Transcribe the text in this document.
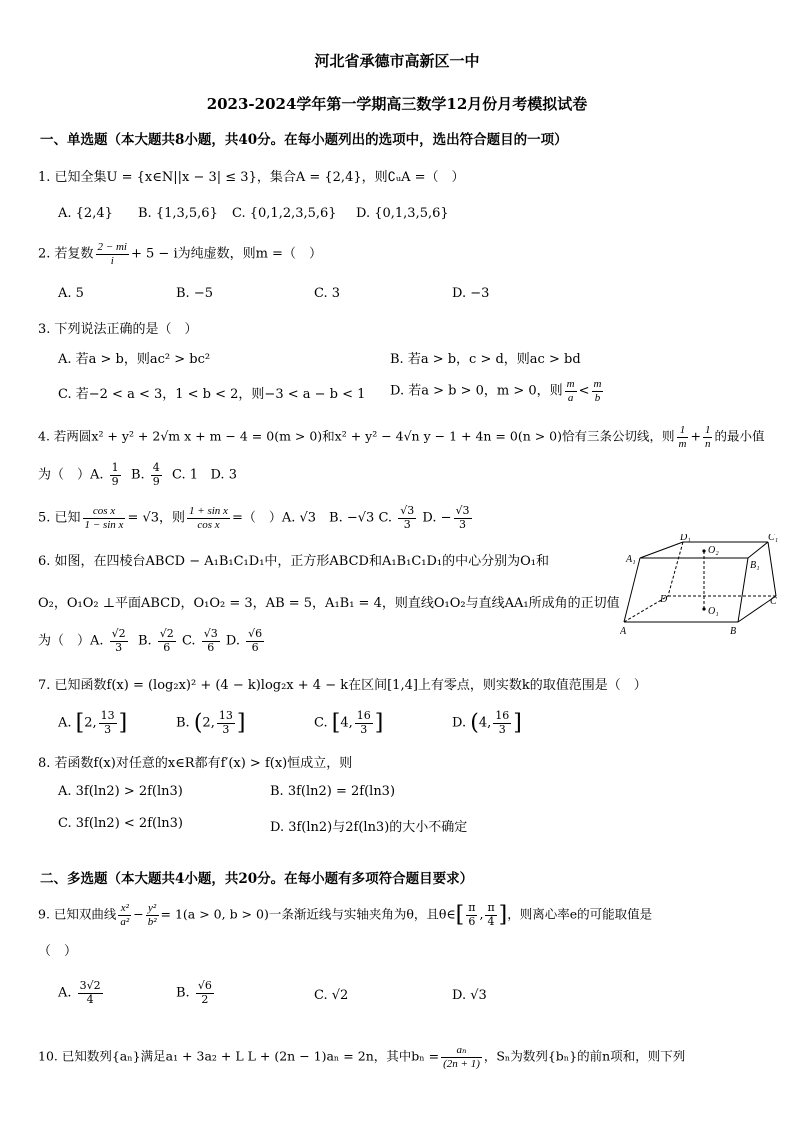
河北省承德市高新区一中
2023-2024学年第一学期高三数学12月份月考模拟试卷
一、单选题（本大题共8小题，共40分。在每小题列出的选项中，选出符合题目的一项）
1. 已知全集U = {x∈N||x − 3| ≤ 3}，集合A = {2,4}，则∁ᵤA =（　）
A. {2,4} B. {1,3,5,6} C. {0,1,2,3,5,6} D. {0,1,3,5,6}
2. 若复数 $\frac{2 - mi}{i} + 5 - i$为纯虚数，则m =（　）
A. 5	B. −5	C. 3	D. −3
3. 下列说法正确的是（　）
A. 若a > b，则ac² > bc²	B. 若a > b，c > d，则ac > bd
C. 若−2 < a < 3，1 < b < 2，则−3 < a − b < 1 D. 若a > b > 0，m > 0，则 $\frac{m}{a} < \frac{m}{b}$
4. 若两圆x² + y² + 2√m x + m − 4 = 0(m > 0)和x² + y² − 4√n y − 1 + 4n = 0(n > 0)恰有三条公切线，则 $\frac{1}{m} + \frac{1}{n}$ 的最小值
为（　）A. $\frac{1}{9} B$. $\frac{4}{9} C$. 1 D. 3
5. 已知 $\frac{\text{cos x}}{\text{1 − sin x}} = √3$，则 $\frac{\text{1 + sin x}}{\text{cos x}}$ =（　）A. √3　B. −√3 C. $\frac{√3}{3} D$. − $\frac{√3}{3}$
6. 如图，在四棱台ABCD − A₁B₁C₁D₁中，正方形ABCD和A₁B₁C₁D₁的中心分别为O₁和
O₂，O₁O₂ ⊥平面ABCD，O₁O₂ = 3，AB = 5，A₁B₁ = 4，则直线O₁O₂与直线AA₁所成角的正切值
为（　）A. $\frac{√2}{3} B$. $\frac{√2}{6} C$. $\frac{√3}{6} D$. $\frac{√6}{6}$	A	B
C
D
A₁
B₁
C₁
D₁
O₁
O₂
7. 已知函数f(x) = (log₂x)² + (4 − k)log₂x + 4 − k在区间[1,4]上有零点，则实数k的取值范围是（　）
A. [2, $\frac{13}{3}$ ]	B. (2, $\frac{13}{3}$ ]	C. [4, $\frac{16}{3}$ ]	D. (4, $\frac{16}{3}$ ]
8. 若函数f(x)对任意的x∈R都有f′(x) > f(x)恒成立，则
A. 3f(ln2) > 2f(ln3)	B. 3f(ln2) = 2f(ln3)
C. 3f(ln2) < 2f(ln3)	D. 3f(ln2)与2f(ln3)的大小不确定
二、多选题（本大题共4小题，共20分。在每小题有多项符合题目要求）
9. 已知双曲线 $\frac{\text{x²}}{\text{a²}} - \frac{\text{y²}}{\text{b²}} = 1(a > 0$, b > 0)一条渐近线与实轴夹角为θ，且θ∈[ $\frac{\pi}{6}$ , $\frac{\pi}{4}$ ]，则离心率e的可能取值是
（　）
A. $\frac{3√2}{4}$	B. $\frac{√6}{2}$	C. √2	D. √3
10. 已知数列{aₙ}满足a₁ + 3a₂ + L L + (2n − 1)aₙ = 2n，其中$b_n = \frac{\text{aₙ}}{(2n + 1)}$ ，Sₙ为数列{bₙ}的前n项和，则下列
